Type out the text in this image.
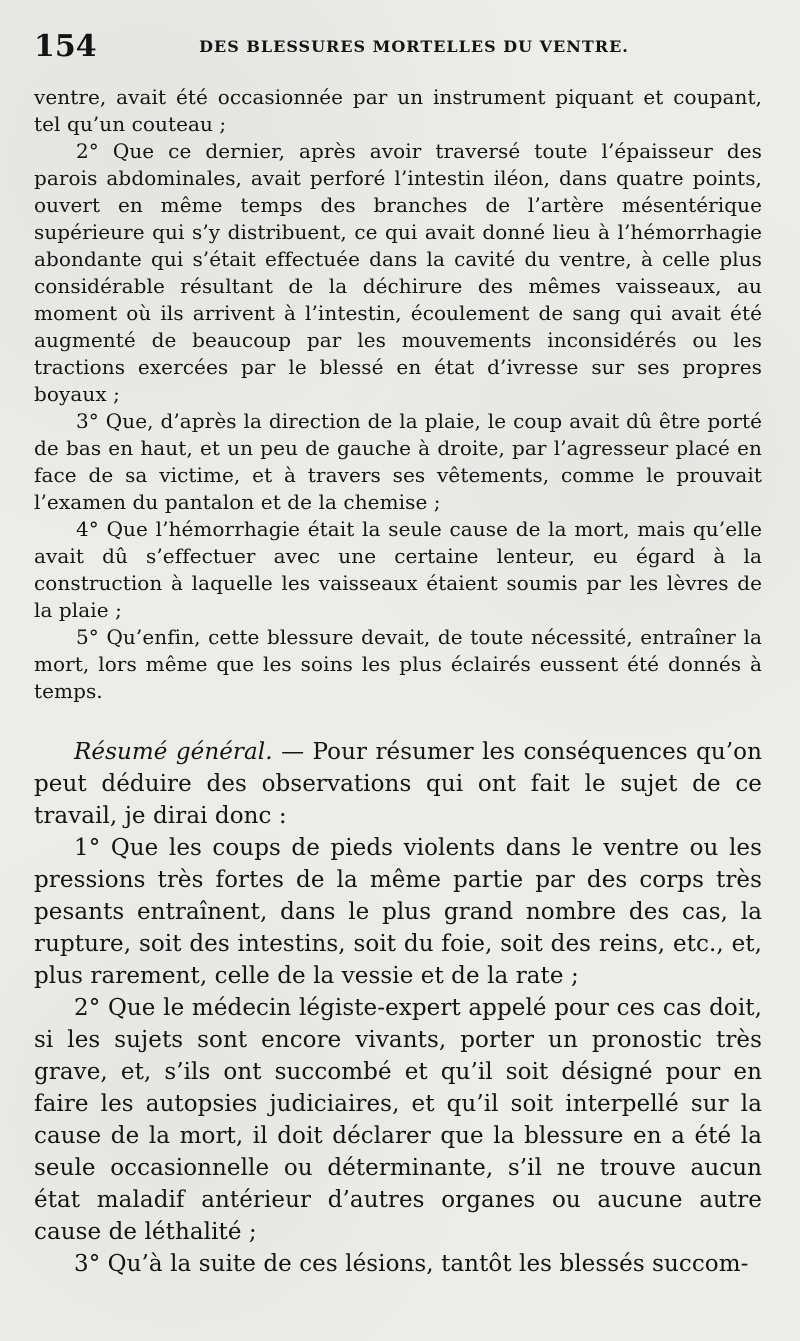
154	DES BLESSURES MORTELLES DU VENTRE.

ventre, avait été occasionnée par un instrument piquant et coupant, tel qu’un couteau ;

2° Que ce dernier, après avoir traversé toute l’épaisseur des parois abdominales, avait perforé l’intestin iléon, dans quatre points, ouvert en même temps des branches de l’artère mésentérique supérieure qui s’y distribuent, ce qui avait donné lieu à l’hémorrhagie abondante qui s’était effectuée dans la cavité du ventre, à celle plus considérable résultant de la déchirure des mêmes vaisseaux, au moment où ils arrivent à l’intestin, écoulement de sang qui avait été augmenté de beaucoup par les mouvements inconsidérés ou les tractions exercées par le blessé en état d’ivresse sur ses propres boyaux ;

3° Que, d’après la direction de la plaie, le coup avait dû être porté de bas en haut, et un peu de gauche à droite, par l’agresseur placé en face de sa victime, et à travers ses vêtements, comme le prouvait l’examen du pantalon et de la chemise ;

4° Que l’hémorrhagie était la seule cause de la mort, mais qu’elle avait dû s’effectuer avec une certaine lenteur, eu égard à la construction à laquelle les vaisseaux étaient soumis par les lèvres de la plaie ;

5° Qu’enfin, cette blessure devait, de toute nécessité, entraîner la mort, lors même que les soins les plus éclairés eussent été donnés à temps.

Résumé général. — Pour résumer les conséquences qu’on peut déduire des observations qui ont fait le sujet de ce travail, je dirai donc :

1° Que les coups de pieds violents dans le ventre ou les pressions très fortes de la même partie par des corps très pesants entraînent, dans le plus grand nombre des cas, la rupture, soit des intestins, soit du foie, soit des reins, etc., et, plus rarement, celle de la vessie et de la rate ;

2° Que le médecin légiste-expert appelé pour ces cas doit, si les sujets sont encore vivants, porter un pronostic très grave, et, s’ils ont succombé et qu’il soit désigné pour en faire les autopsies judiciaires, et qu’il soit interpellé sur la cause de la mort, il doit déclarer que la blessure en a été la seule occasionnelle ou déterminante, s’il ne trouve aucun état maladif antérieur d’autres organes ou aucune autre cause de léthalité ;

3° Qu’à la suite de ces lésions, tantôt les blessés succom-
